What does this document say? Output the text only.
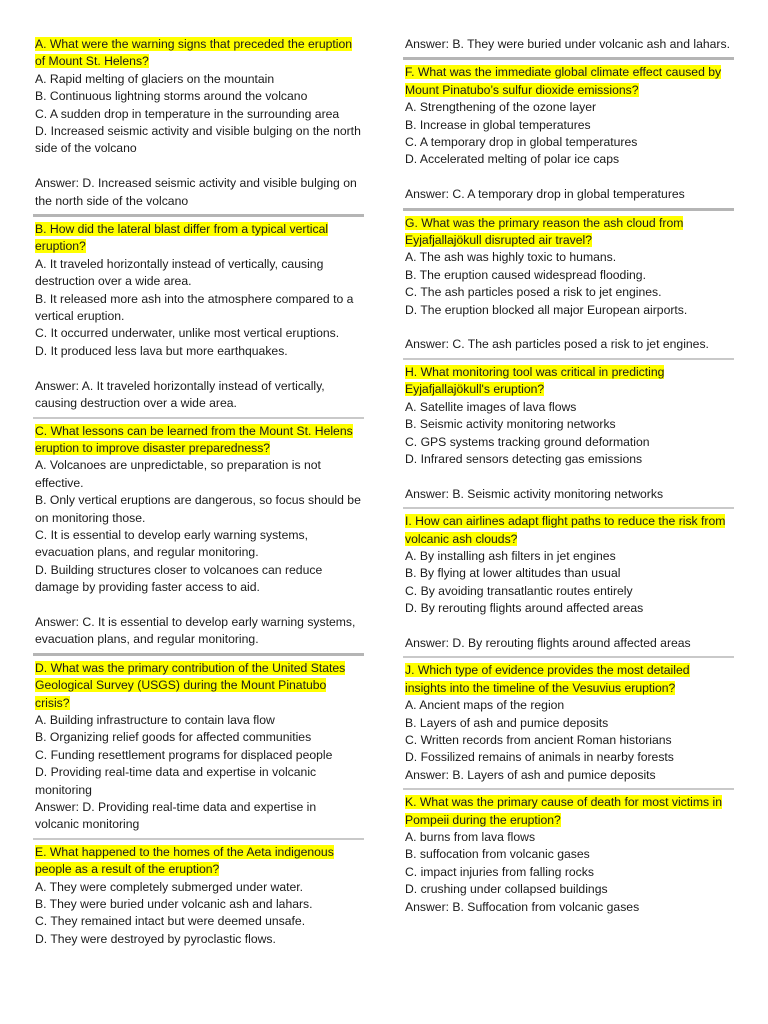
A. What were the warning signs that preceded the eruption of Mount St. Helens?

A. Rapid melting of glaciers on the mountain

B. Continuous lightning storms around the volcano

C. A sudden drop in temperature in the surrounding area

D. Increased seismic activity and visible bulging on the north side of the volcano

Answer: D. Increased seismic activity and visible bulging on the north side of the volcano

B. How did the lateral blast differ from a typical vertical eruption?

A. It traveled horizontally instead of vertically, causing destruction over a wide area.

B. It released more ash into the atmosphere compared to a vertical eruption.

C. It occurred underwater, unlike most vertical eruptions.

D. It produced less lava but more earthquakes.

Answer: A. It traveled horizontally instead of vertically, causing destruction over a wide area.

C. What lessons can be learned from the Mount St. Helens eruption to improve disaster preparedness?

A. Volcanoes are unpredictable, so preparation is not effective.

B. Only vertical eruptions are dangerous, so focus should be on monitoring those.

C. It is essential to develop early warning systems, evacuation plans, and regular monitoring.

D. Building structures closer to volcanoes can reduce damage by providing faster access to aid.

Answer: C. It is essential to develop early warning systems, evacuation plans, and regular monitoring.

D. What was the primary contribution of the United States Geological Survey (USGS) during the Mount Pinatubo crisis?

A. Building infrastructure to contain lava flow

B. Organizing relief goods for affected communities

C. Funding resettlement programs for displaced people

D. Providing real-time data and expertise in volcanic monitoring

Answer: D. Providing real-time data and expertise in volcanic monitoring

E. What happened to the homes of the Aeta indigenous people as a result of the eruption?

A. They were completely submerged under water.

B. They were buried under volcanic ash and lahars.

C. They remained intact but were deemed unsafe.

D. They were destroyed by pyroclastic flows.

Answer: B. They were buried under volcanic ash and lahars.

F. What was the immediate global climate effect caused by Mount Pinatubo’s sulfur dioxide emissions?

A. Strengthening of the ozone layer

B. Increase in global temperatures

C. A temporary drop in global temperatures

D. Accelerated melting of polar ice caps

Answer: C. A temporary drop in global temperatures

G. What was the primary reason the ash cloud from Eyjafjallajökull disrupted air travel?

A. The ash was highly toxic to humans.

B. The eruption caused widespread flooding.

C. The ash particles posed a risk to jet engines.

D. The eruption blocked all major European airports.

Answer: C. The ash particles posed a risk to jet engines.

H. What monitoring tool was critical in predicting Eyjafjallajökull's eruption?

A. Satellite images of lava flows

B. Seismic activity monitoring networks

C. GPS systems tracking ground deformation

D. Infrared sensors detecting gas emissions

Answer: B. Seismic activity monitoring networks

I. How can airlines adapt flight paths to reduce the risk from volcanic ash clouds?

A. By installing ash filters in jet engines

B. By flying at lower altitudes than usual

C. By avoiding transatlantic routes entirely

D. By rerouting flights around affected areas

Answer: D. By rerouting flights around affected areas

J. Which type of evidence provides the most detailed insights into the timeline of the Vesuvius eruption?

A. Ancient maps of the region

B. Layers of ash and pumice deposits

C. Written records from ancient Roman historians

D. Fossilized remains of animals in nearby forests

Answer: B. Layers of ash and pumice deposits

K. What was the primary cause of death for most victims in Pompeii during the eruption?

A. burns from lava flows

B. suffocation from volcanic gases

C. impact injuries from falling rocks

D. crushing under collapsed buildings

Answer: B. Suffocation from volcanic gases
